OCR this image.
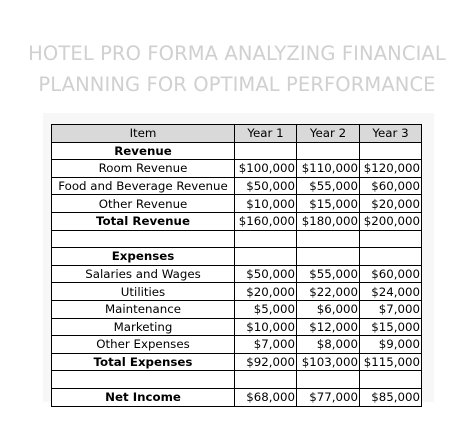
HOTEL PRO FORMA ANALYZING FINANCIAL
PLANNING FOR OPTIMAL PERFORMANCE
Item	Year 1	Year 2	Year 3
Revenue			
Room Revenue	$100,000	$110,000	$120,000
Food and Beverage Revenue	$50,000	$55,000	$60,000
Other Revenue	$10,000	$15,000	$20,000
Total Revenue	$160,000	$180,000	$200,000

Expenses			
Salaries and Wages	$50,000	$55,000	$60,000
Utilities	$20,000	$22,000	$24,000
Maintenance	$5,000	$6,000	$7,000
Marketing	$10,000	$12,000	$15,000
Other Expenses	$7,000	$8,000	$9,000
Total Expenses	$92,000	$103,000	$115,000

Net Income	$68,000	$77,000	$85,000
